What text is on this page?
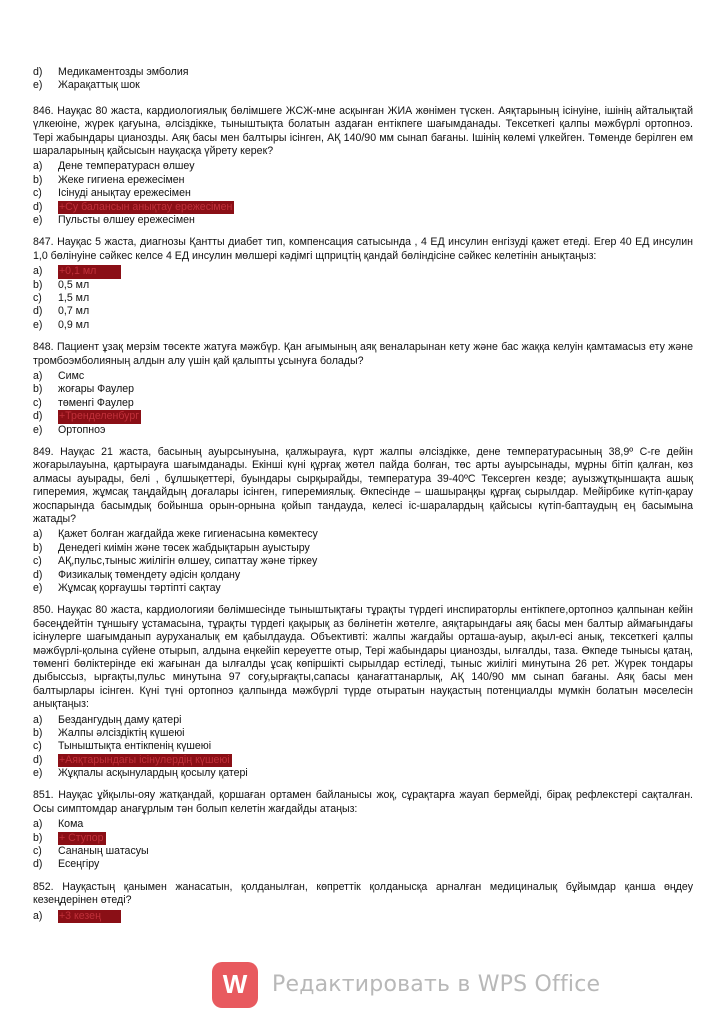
d)	Медикаментозды эмболия
e)	Жарақаттық шок
846. Науқас 80 жаста, кардиологиялық бөлімшеге ЖСЖ-мне асқынған ЖИА жөнімен түскен. Аяқтарының ісінуіне, ішінің айталықтай үлкеюіне, жүрек қағуына, әлсіздікке, тыныштықта болатын аздаған ентікпеге шағымданады. Тексеткегі қалпы мәжбүрлі ортопноэ. Тері жабындары цианозды. Аяқ басы мен балтыры ісінген, АҚ 140/90 мм сынап бағаны. Ішінің көлемі үлкейген. Төменде берілген ем шараларының қайсысын науқасқа үйрету керек?
a)	Дене температурасн өлшеу
b)	Жеке гигиена ережесімен
c)	Ісінуді анықтау ережесімен
d)	+Су балансын анықтау ережесімен
e)	Пульсты өлшеу ережесімен
847. Науқас 5 жаста, диагнозы Қантты диабет тип, компенсация сатысында , 4 ЕД инсулин енгізуді қажет етеді. Егер 40 ЕД инсулин 1,0 бөлінуіне сәйкес келсе 4 ЕД инсулин мөлшері кәдімгі щприцтің қандай бөліндісіне сәйкес келетінін анықтаңыз:
a)	+0,1 мл
b)	0,5 мл
c)	1,5 мл
d)	0,7 мл
e)	0,9 мл
848. Пациент ұзақ мерзім төсекте жатуға мәжбүр. Қан ағымының аяқ веналарынан кету және бас жаққа келуін қамтамасыз ету және тромбоэмболияның алдын алу үшін қай қалыпты ұсынуға болады?
a)	Симс
b)	жоғары Фаулер
c)	төменгі Фаулер
d)	+Тренделенбург
e)	Ортопноэ
849. Науқас 21 жаста, басының ауырсынуына, қалжырауға, күрт жалпы әлсіздікке, дене температурасының 38,9º С-ге дейін жоғарылауына, қартырауға шағымданады. Екінші күні құрғақ жөтел пайда болған, төс арты ауырсынады, мұрны бітіп қалған, көз алмасы ауырады, белі , бұлшықеттері, буындары сырқырайды, температура 39-40ºС Тексерген кезде; ауызжұтқыншақта ашық гиперемия, жұмсақ таңдайдың доғалары ісінген, гиперемиялық. Өкпесінде – шашыраңқы құрғақ сырылдар. Мейірбике күтіп-қарау жоспарында басымдық бойынша орын-орнына қойып тандауда, келесі іс-шаралардың қайсысы күтіп-баптаудың ең басымына жатады?
a)	Қажет болған жағдайда жеке гигиенасына көмектесу
b)	Денедегі киімін және төсек жабдықтарын ауыстыру
c)	АҚ,пульс,тыныс жиілігін өлшеу, сипаттау және тіркеу
d)	Физикалық төмендету әдісін қолдану
e)	Жұмсақ қорғаушы тәртіпті сақтау
850. Науқас 80 жаста, кардиологияи бөлімшесінде тыныштықтағы тұрақты түрдегі инспираторлы ентікпеге,ортопноэ қалпынан кейін бәсеңдейтін тұншығу ұстамасына, тұрақты түрдегі қақырық аз бөлінетін жөтелге, аяқтарындағы аяқ басы мен балтыр аймағындағы ісінулерге шағымданып ауруханалық ем қабылдауда. Объективті: жалпы жағдайы орташа-ауыр, ақыл-есі анық, тексеткегі қалпы мәжбүрлі-қолына сүйене отырып, алдына еңкейіп кереуетте отыр, Тері жабындары цианозды, ылғалды, таза. Өкпеде тынысы қатаң, төменгі бөліктерінде екі жағынан да ылғалды ұсақ көпіршікті сырылдар естіледі, тыныс жиілігі минутына 26 рет. Жүрек тондары дыбыссыз, ырғақты,пульс минутына 97 соғу,ырғақты,сапасы қанағаттанарлық, АҚ 140/90 мм сынап бағаны. Аяқ басы мен балтырлары ісінген. Күні түні ортопноэ қалпында мәжбүрлі түрде отыратын науқастың потенциалды мүмкін болатын мәселесін анықтаңыз:
a)	Бездангудың даму қатері
b)	Жалпы әлсіздіктің күшеюі
c)	Тыныштықта ентікпенің күшеюі
d)	+Аяқтарындағы ісінулердің күшеюі
e)	Жұқпалы асқынулардың қосылу қатері
851. Науқас ұйқылы-ояу жатқандай, қоршаған ортамен байланысы жоқ, сұрақтарға жауап бермейді, бірақ рефлекстері сақталған. Осы симптомдар анағұрлым тән болып келетін жағдайды атаңыз:
a)	Кома
b)	+ Ступор
c)	Сананың шатасуы
d)	Есеңгіру
852. Науқастың қанымен жанасатын, қолданылған, көпреттік қолданысқа арналған медициналық бұйымдар қанша өңдеу кезеңдерінен өтеді?
a)	+3 кезең
W	Редактировать в WPS Office
